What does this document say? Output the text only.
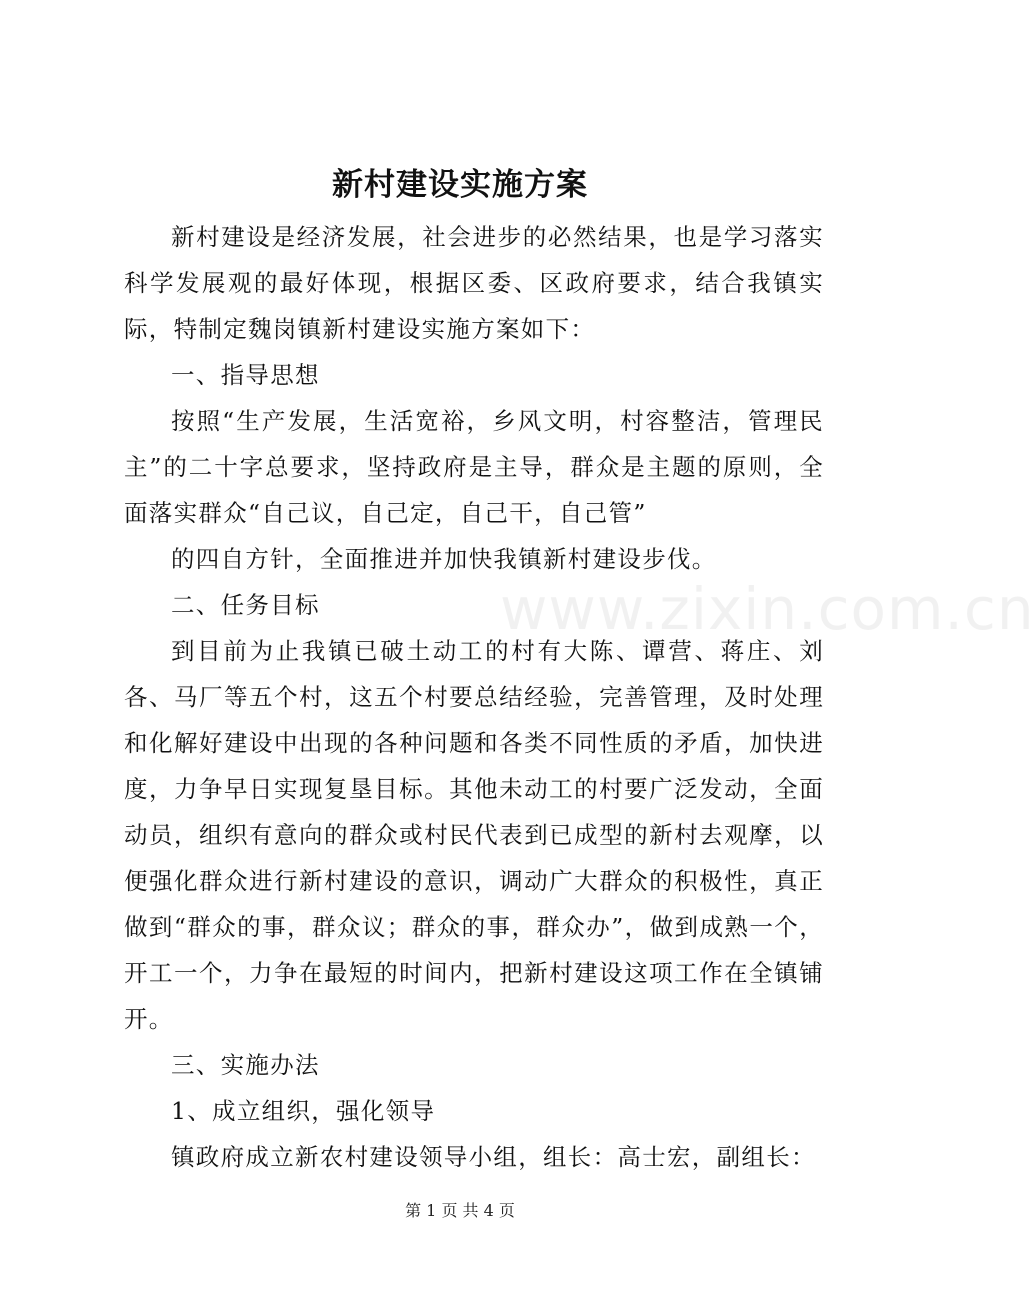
www.zixin.com.cn
新村建设实施方案

新村建设是经济发展，社会进步的必然结果，也是学习落实科学发展观的最好体现，根据区委、区政府要求，结合我镇实际，特制定魏岗镇新村建设实施方案如下：

一、指导思想

按照“生产发展，生活宽裕，乡风文明，村容整洁，管理民主”的二十字总要求，坚持政府是主导，群众是主题的原则，全面落实群众“自己议，自己定，自己干，自己管”

的四自方针，全面推进并加快我镇新村建设步伐。

二、任务目标

到目前为止我镇已破土动工的村有大陈、谭营、蒋庄、刘各、马厂等五个村，这五个村要总结经验，完善管理，及时处理和化解好建设中出现的各种问题和各类不同性质的矛盾，加快进度，力争早日实现复垦目标。其他未动工的村要广泛发动，全面动员，组织有意向的群众或村民代表到已成型的新村去观摩，以便强化群众进行新村建设的意识，调动广大群众的积极性，真正做到“群众的事，群众议；群众的事，群众办”，做到成熟一个，开工一个，力争在最短的时间内，把新村建设这项工作在全镇铺开。

三、实施办法

1、成立组织，强化领导

镇政府成立新农村建设领导小组，组长：高士宏，副组长：

第 1 页 共 4 页
